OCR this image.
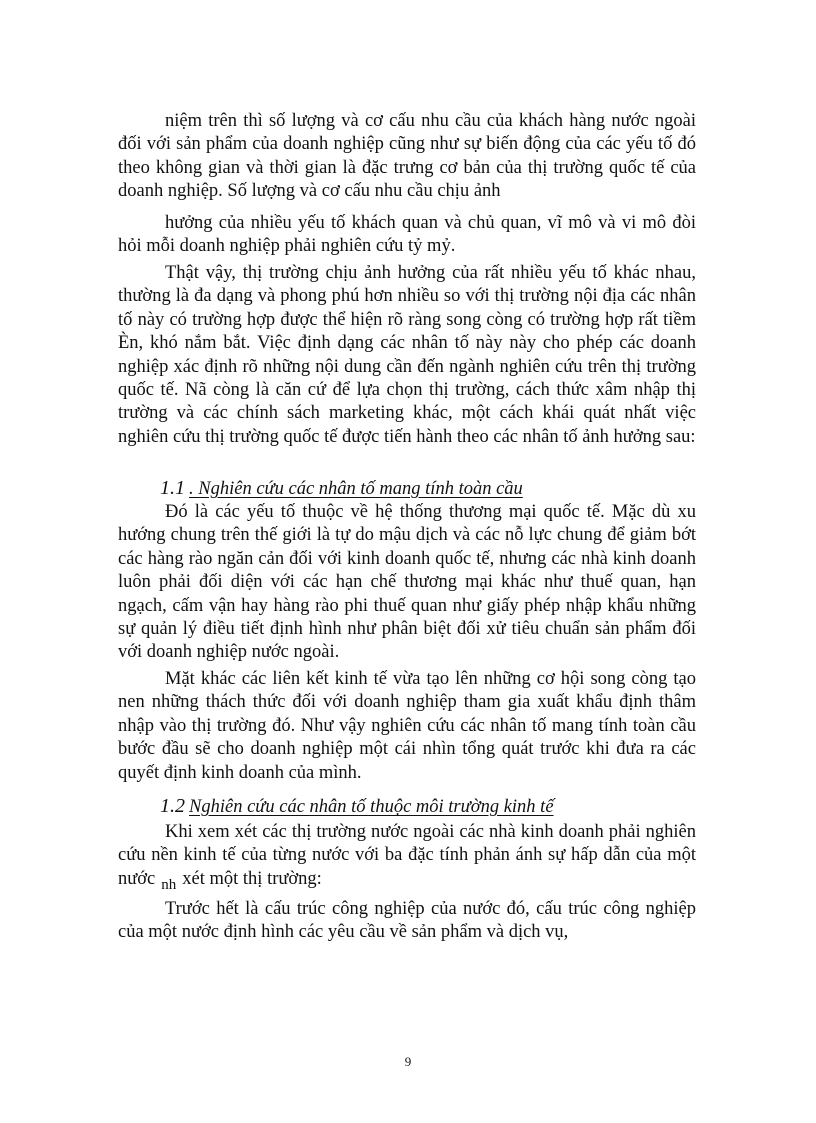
niệm trên thì số lượng và cơ cấu nhu cầu của khách hàng nước ngoài đối với sản phẩm của doanh nghiệp cũng như sự biến động của các yếu tố đó theo không gian và thời gian là đặc trưng cơ bản của thị trường quốc tế của doanh nghiệp. Số lượng và cơ cấu nhu cầu chịu ảnh

hưởng của nhiều yếu tố khách quan và chủ quan, vĩ mô và vi mô đòi hỏi mỗi doanh nghiệp phải nghiên cứu tỷ mỷ.

Thật vậy, thị trường chịu ảnh hưởng của rất nhiều yếu tố khác nhau, thường là đa dạng và phong phú hơn nhiều so với thị trường nội địa các nhân tố này có trường hợp được thể hiện rõ ràng song còng có trường hợp rất tiềm Èn, khó nắm bắt. Việc định dạng các nhân tố này này cho phép các doanh nghiệp xác định rõ những nội dung cần đến ngành nghiên cứu trên thị trường quốc tế. Nã còng là căn cứ để lựa chọn thị trường, cách thức xâm nhập thị trường và các chính sách marketing khác, một cách khái quát nhất việc nghiên cứu thị trường quốc tế được tiến hành theo các nhân tố ảnh hưởng sau:

1.1 . Nghiên cứu các nhân tố mang tính toàn cầu

Đó là các yếu tố thuộc về hệ thống thương mại quốc tế. Mặc dù xu hướng chung trên thế giới là tự do mậu dịch và các nỗ lực chung để giảm bớt các hàng rào ngăn cản đối với kinh doanh quốc tế, nhưng các nhà kinh doanh luôn phải đối diện với các hạn chế thương mại khác như thuế quan, hạn ngạch, cấm vận hay hàng rào phi thuế quan như giấy phép nhập khẩu những sự quản lý điều tiết định hình như phân biệt đối xử tiêu chuẩn sản phẩm đối với doanh nghiệp nước ngoài.

Mặt khác các liên kết kinh tế vừa tạo lên những cơ hội song còng tạo nen những thách thức đối với doanh nghiệp tham gia xuất khẩu định thâm nhập vào thị trường đó. Như vậy nghiên cứu các nhân tố mang tính toàn cầu bước đầu sẽ cho doanh nghiệp một cái nhìn tổng quát trước khi đưa ra các quyết định kinh doanh của mình.

1.2 Nghiên cứu các nhân tố thuộc môi trường kinh tế

Khi xem xét các thị trường nước ngoài các nhà kinh doanh phải nghiên cứu nền kinh tế của từng nước với ba đặc tính phản ánh sự hấp dẫn của một nước $_{nh}$ xét một thị trường:

Trước hết là cấu trúc công nghiệp của nước đó, cấu trúc công nghiệp của một nước định hình các yêu cầu về sản phẩm và dịch vụ,

9
